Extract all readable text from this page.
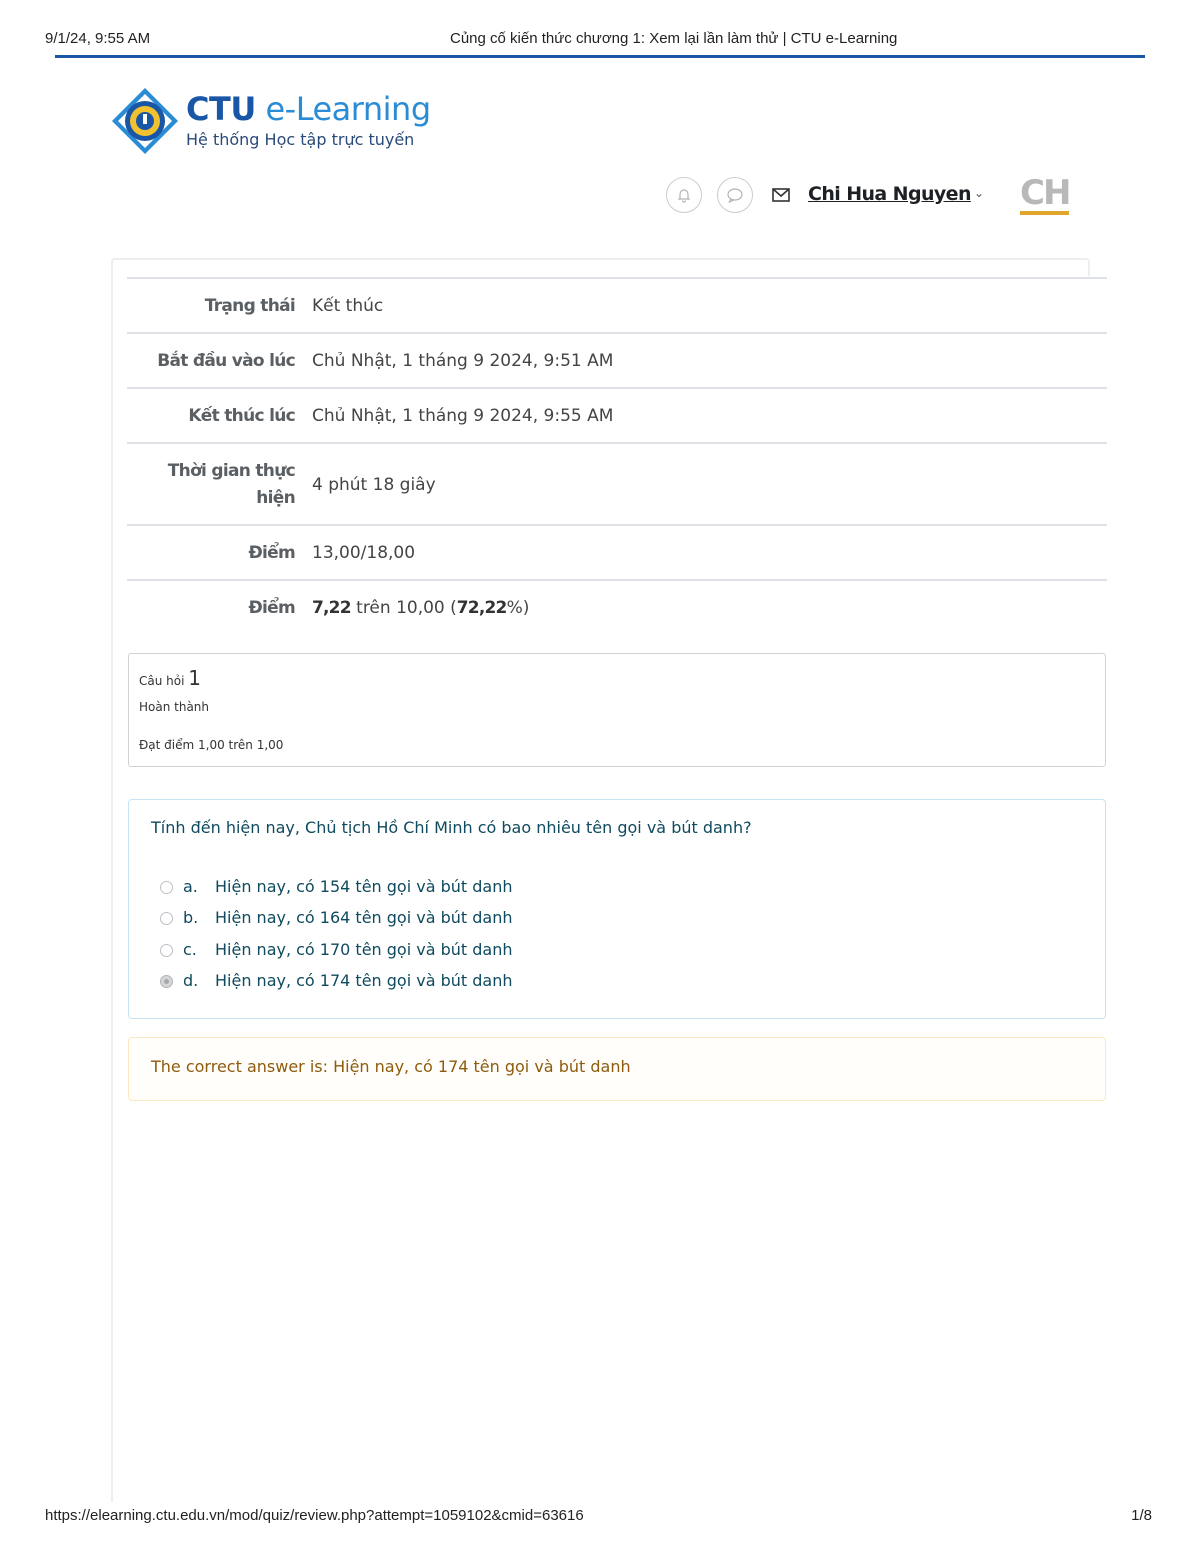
9/1/24, 9:55 AM	Củng cố kiến thức chương 1: Xem lại lần làm thử | CTU e-Learning
CTU e-Learning
Hệ thống Học tập trực tuyến
Chi Hua Nguyen ⌄ CH
Trạng thái Kết thúc
Bắt đầu vào lúc Chủ Nhật, 1 tháng 9 2024, 9:51 AM
Kết thúc lúc Chủ Nhật, 1 tháng 9 2024, 9:55 AM
Thời gian thực
hiện
4 phút 18 giây
Điểm 13,00/18,00
Điểm 7,22 trên 10,00 (72,22%)
Câu hỏi 1
Hoàn thành
Đạt điểm 1,00 trên 1,00
Tính đến hiện nay, Chủ tịch Hồ Chí Minh có bao nhiêu tên gọi và bút danh?
a. Hiện nay, có 154 tên gọi và bút danh
b. Hiện nay, có 164 tên gọi và bút danh
c. Hiện nay, có 170 tên gọi và bút danh
d. Hiện nay, có 174 tên gọi và bút danh
The correct answer is: Hiện nay, có 174 tên gọi và bút danh
https://elearning.ctu.edu.vn/mod/quiz/review.php?attempt=1059102&cmid=63616	1/8
